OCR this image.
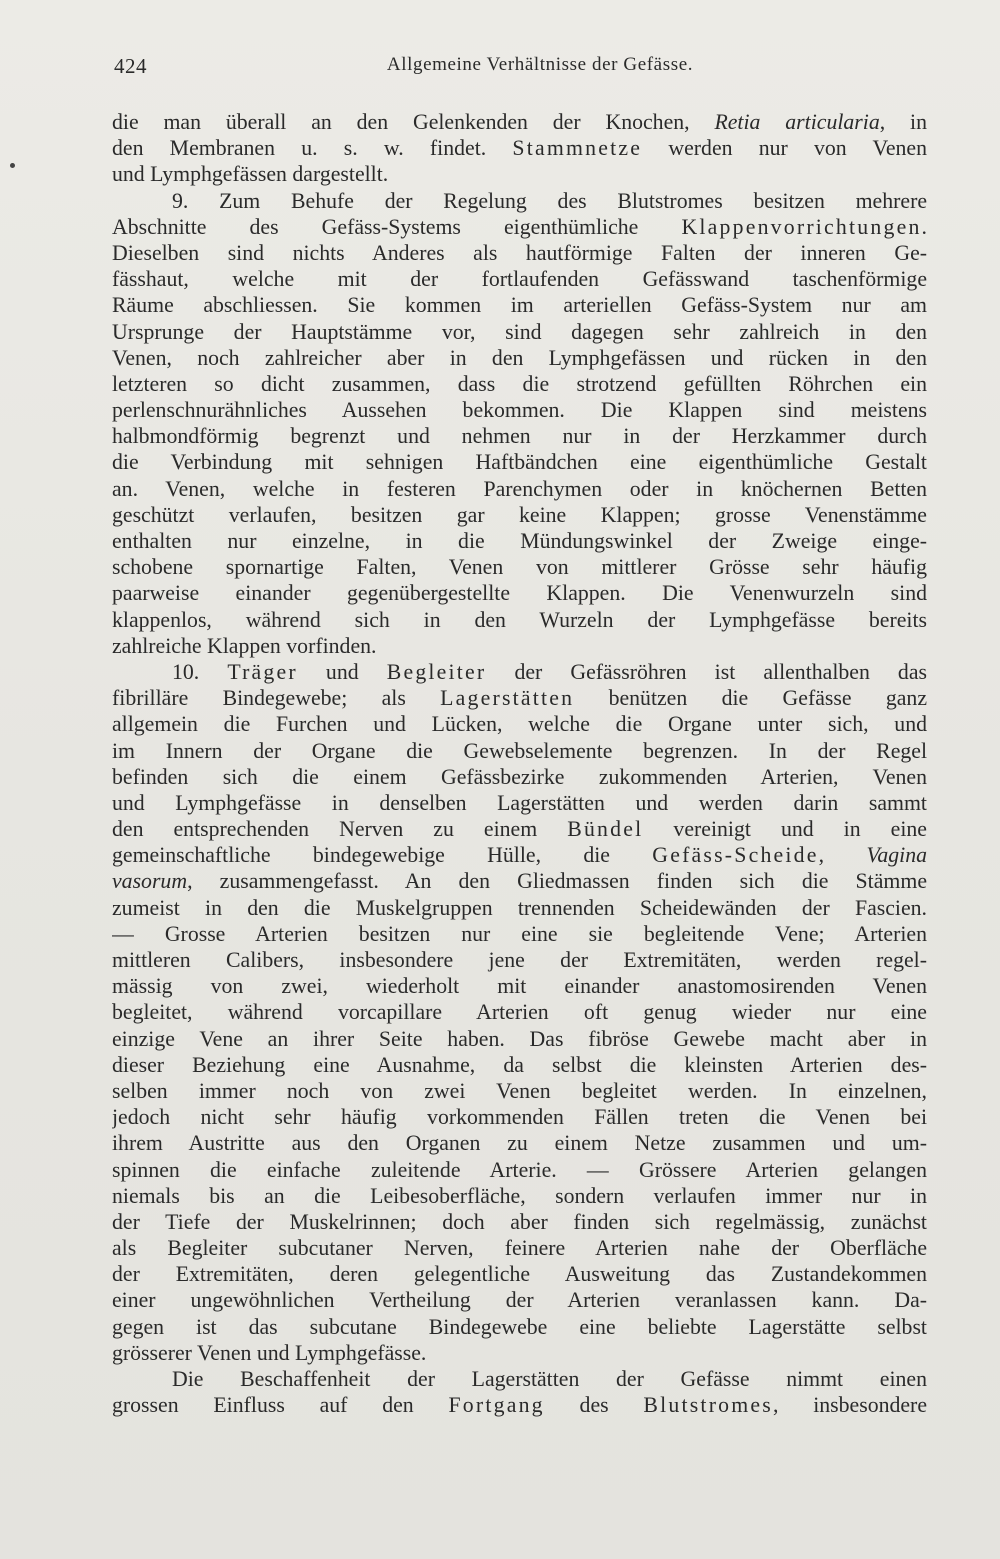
424	Allgemeine Verhältnisse der Gefässe.
die man überall an den Gelenkenden der Knochen, Retia articularia, in
den Membranen u. s. w. findet. Stammnetze werden nur von Venen
und Lymphgefässen dargestellt.
9. Zum Behufe der Regelung des Blutstromes besitzen mehrere
Abschnitte des Gefäss-Systems eigenthümliche Klappenvorrichtungen.
Dieselben sind nichts Anderes als hautförmige Falten der inneren Ge-
fässhaut, welche mit der fortlaufenden Gefässwand taschenförmige
Räume abschliessen. Sie kommen im arteriellen Gefäss-System nur am
Ursprunge der Hauptstämme vor, sind dagegen sehr zahlreich in den
Venen, noch zahlreicher aber in den Lymphgefässen und rücken in den
letzteren so dicht zusammen, dass die strotzend gefüllten Röhrchen ein
perlenschnurähnliches Aussehen bekommen. Die Klappen sind meistens
halbmondförmig begrenzt und nehmen nur in der Herzkammer durch
die Verbindung mit sehnigen Haftbändchen eine eigenthümliche Gestalt
an. Venen, welche in festeren Parenchymen oder in knöchernen Betten
geschützt verlaufen, besitzen gar keine Klappen; grosse Venenstämme
enthalten nur einzelne, in die Mündungswinkel der Zweige einge-
schobene spornartige Falten, Venen von mittlerer Grösse sehr häufig
paarweise einander gegenübergestellte Klappen. Die Venenwurzeln sind
klappenlos, während sich in den Wurzeln der Lymphgefässe bereits
zahlreiche Klappen vorfinden.
10. Träger und Begleiter der Gefässröhren ist allenthalben das
fibrilläre Bindegewebe; als Lagerstätten benützen die Gefässe ganz
allgemein die Furchen und Lücken, welche die Organe unter sich, und
im Innern der Organe die Gewebselemente begrenzen. In der Regel
befinden sich die einem Gefässbezirke zukommenden Arterien, Venen
und Lymphgefässe in denselben Lagerstätten und werden darin sammt
den entsprechenden Nerven zu einem Bündel vereinigt und in eine
gemeinschaftliche bindegewebige Hülle, die Gefäss-Scheide, Vagina
vasorum, zusammengefasst. An den Gliedmassen finden sich die Stämme
zumeist in den die Muskelgruppen trennenden Scheidewänden der Fascien.
— Grosse Arterien besitzen nur eine sie begleitende Vene; Arterien
mittleren Calibers, insbesondere jene der Extremitäten, werden regel-
mässig von zwei, wiederholt mit einander anastomosirenden Venen
begleitet, während vorcapillare Arterien oft genug wieder nur eine
einzige Vene an ihrer Seite haben. Das fibröse Gewebe macht aber in
dieser Beziehung eine Ausnahme, da selbst die kleinsten Arterien des-
selben immer noch von zwei Venen begleitet werden. In einzelnen,
jedoch nicht sehr häufig vorkommenden Fällen treten die Venen bei
ihrem Austritte aus den Organen zu einem Netze zusammen und um-
spinnen die einfache zuleitende Arterie. — Grössere Arterien gelangen
niemals bis an die Leibesoberfläche, sondern verlaufen immer nur in
der Tiefe der Muskelrinnen; doch aber finden sich regelmässig, zunächst
als Begleiter subcutaner Nerven, feinere Arterien nahe der Oberfläche
der Extremitäten, deren gelegentliche Ausweitung das Zustandekommen
einer ungewöhnlichen Vertheilung der Arterien veranlassen kann. Da-
gegen ist das subcutane Bindegewebe eine beliebte Lagerstätte selbst
grösserer Venen und Lymphgefässe.
Die Beschaffenheit der Lagerstätten der Gefässe nimmt einen
grossen Einfluss auf den Fortgang des Blutstromes, insbesondere
